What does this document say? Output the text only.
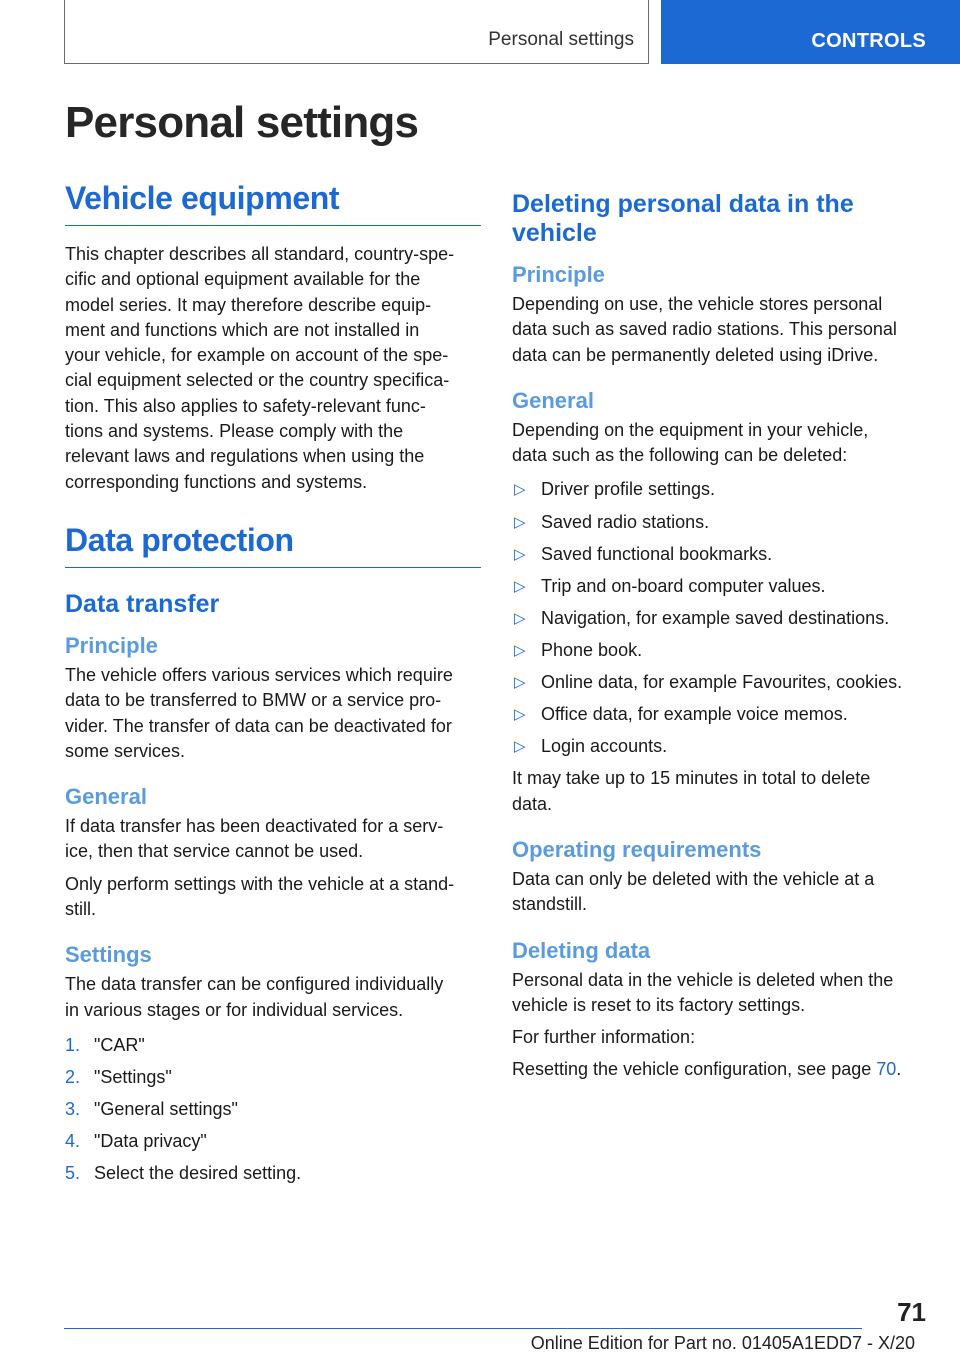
Personal settings	CONTROLS
Personal settings
Vehicle equipment
This chapter describes all standard, country-spe-
cific and optional equipment available for the
model series. It may therefore describe equip-
ment and functions which are not installed in
your vehicle, for example on account of the spe-
cial equipment selected or the country specifica-
tion. This also applies to safety-relevant func-
tions and systems. Please comply with the
relevant laws and regulations when using the
corresponding functions and systems.
Data protection
Data transfer
Principle
The vehicle offers various services which require
data to be transferred to BMW or a service pro-
vider. The transfer of data can be deactivated for
some services.
General
If data transfer has been deactivated for a serv-
ice, then that service cannot be used.
Only perform settings with the vehicle at a stand-
still.
Settings
The data transfer can be configured individually
in various stages or for individual services.
1. "CAR"
2. "Settings"
3. "General settings"
4. "Data privacy"
5. Select the desired setting.
Deleting personal data in the
vehicle
Principle
Depending on use, the vehicle stores personal
data such as saved radio stations. This personal
data can be permanently deleted using iDrive.
General
Depending on the equipment in your vehicle,
data such as the following can be deleted:
▷ Driver profile settings.
▷ Saved radio stations.
▷ Saved functional bookmarks.
▷ Trip and on-board computer values.
▷ Navigation, for example saved destinations.
▷ Phone book.
▷ Online data, for example Favourites, cookies.
▷ Office data, for example voice memos.
▷ Login accounts.
It may take up to 15 minutes in total to delete
data.
Operating requirements
Data can only be deleted with the vehicle at a
standstill.
Deleting data
Personal data in the vehicle is deleted when the
vehicle is reset to its factory settings.
For further information:
Resetting the vehicle configuration, see page 70.
71
Online Edition for Part no. 01405A1EDD7 - X/20
